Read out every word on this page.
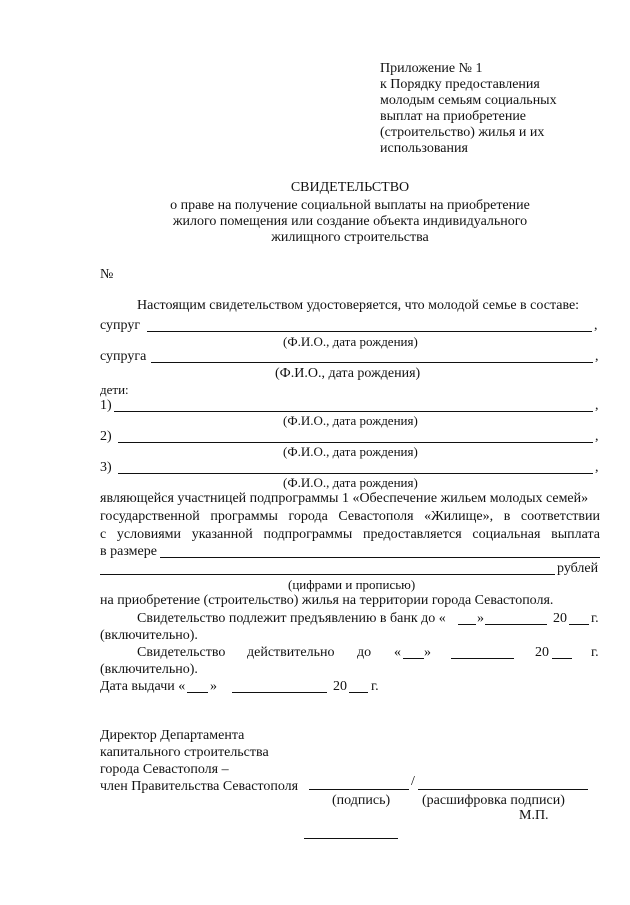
Приложение № 1
к Порядку предоставления
молодым семьям социальных
выплат на приобретение
(строительство) жилья и их
использования
СВИДЕТЕЛЬСТВО
о праве на получение социальной выплаты на приобретение
жилого помещения или создание объекта индивидуального
жилищного строительства
№
Настоящим свидетельством удостоверяется, что молодой семье в составе:
супруг	,
(Ф.И.О., дата рождения)
супруга	,
(Ф.И.О., дата рождения)
дети:
1)	,
(Ф.И.О., дата рождения)
2)	,
(Ф.И.О., дата рождения)
3)	,
(Ф.И.О., дата рождения)
являющейся участницей подпрограммы 1 «Обеспечение жильем молодых семей»
государственной программы города Севастополя «Жилище», в соответствии
с условиями указанной подпрограммы предоставляется социальная выплата
в размере
рублей
(цифрами и прописью)
на приобретение (строительство) жилья на территории города Севастополя.
Свидетельство подлежит предъявлению в банк до « »	20 г.
(включительно).
Свидетельство действительно до « »	20	г.
(включительно).
Дата выдачи « »	20 г.
Директор Департамента
капитального строительства
города Севастополя –
член Правительства Севастополя	/
(подпись) (расшифровка подписи)
М.П.
